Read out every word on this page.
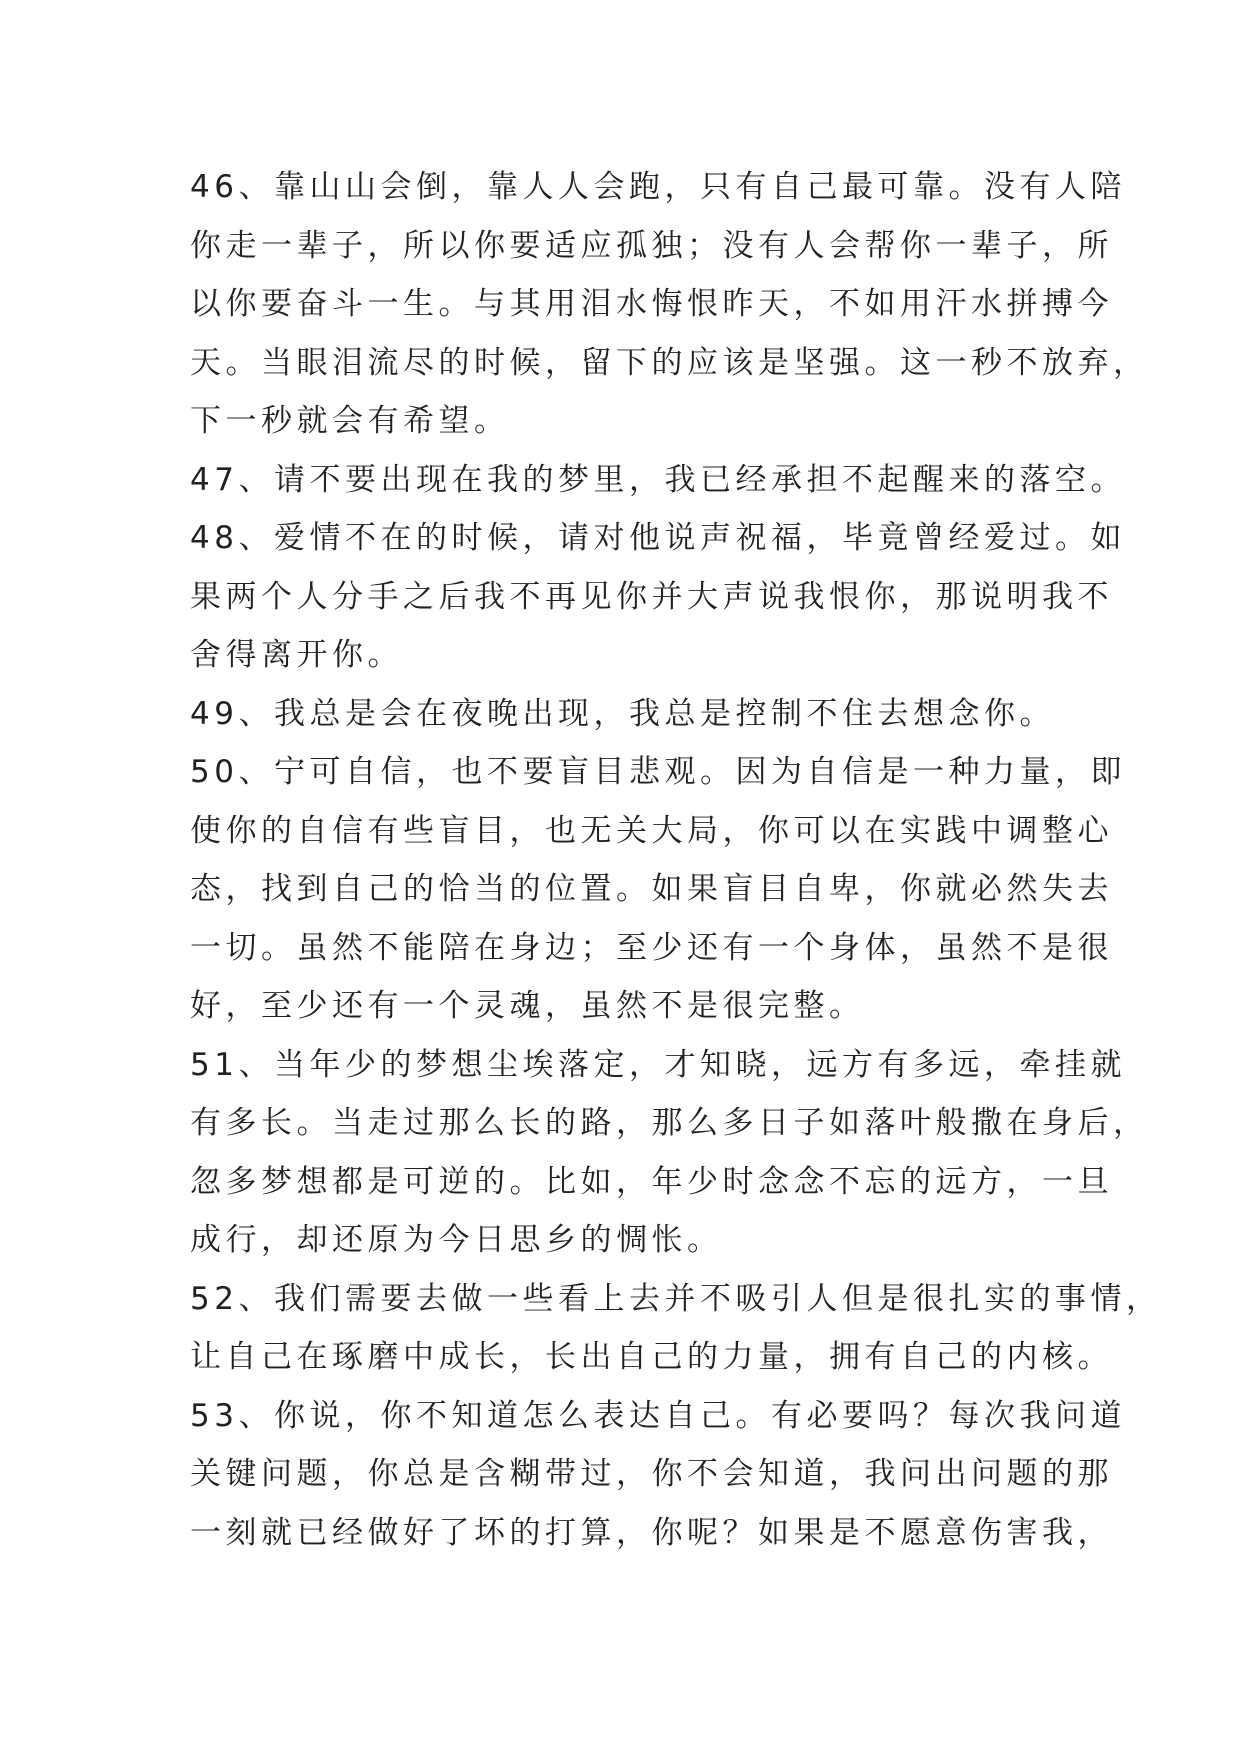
46、靠山山会倒，靠人人会跑，只有自己最可靠。没有人陪
你走一辈子，所以你要适应孤独；没有人会帮你一辈子，所
以你要奋斗一生。与其用泪水悔恨昨天，不如用汗水拼搏今
天。当眼泪流尽的时候，留下的应该是坚强。这一秒不放弃，
下一秒就会有希望。
47、请不要出现在我的梦里，我已经承担不起醒来的落空。
48、爱情不在的时候，请对他说声祝福，毕竟曾经爱过。如
果两个人分手之后我不再见你并大声说我恨你，那说明我不
舍得离开你。
49、我总是会在夜晚出现，我总是控制不住去想念你。
50、宁可自信，也不要盲目悲观。因为自信是一种力量，即
使你的自信有些盲目，也无关大局，你可以在实践中调整心
态，找到自己的恰当的位置。如果盲目自卑，你就必然失去
一切。虽然不能陪在身边；至少还有一个身体，虽然不是很
好，至少还有一个灵魂，虽然不是很完整。
51、当年少的梦想尘埃落定，才知晓，远方有多远，牵挂就
有多长。当走过那么长的路，那么多日子如落叶般撒在身后，
忽多梦想都是可逆的。比如，年少时念念不忘的远方，一旦
成行，却还原为今日思乡的惆怅。
52、我们需要去做一些看上去并不吸引人但是很扎实的事情，
让自己在琢磨中成长，长出自己的力量，拥有自己的内核。
53、你说，你不知道怎么表达自己。有必要吗？每次我问道
关键问题，你总是含糊带过，你不会知道，我问出问题的那
一刻就已经做好了坏的打算，你呢？如果是不愿意伤害我，
